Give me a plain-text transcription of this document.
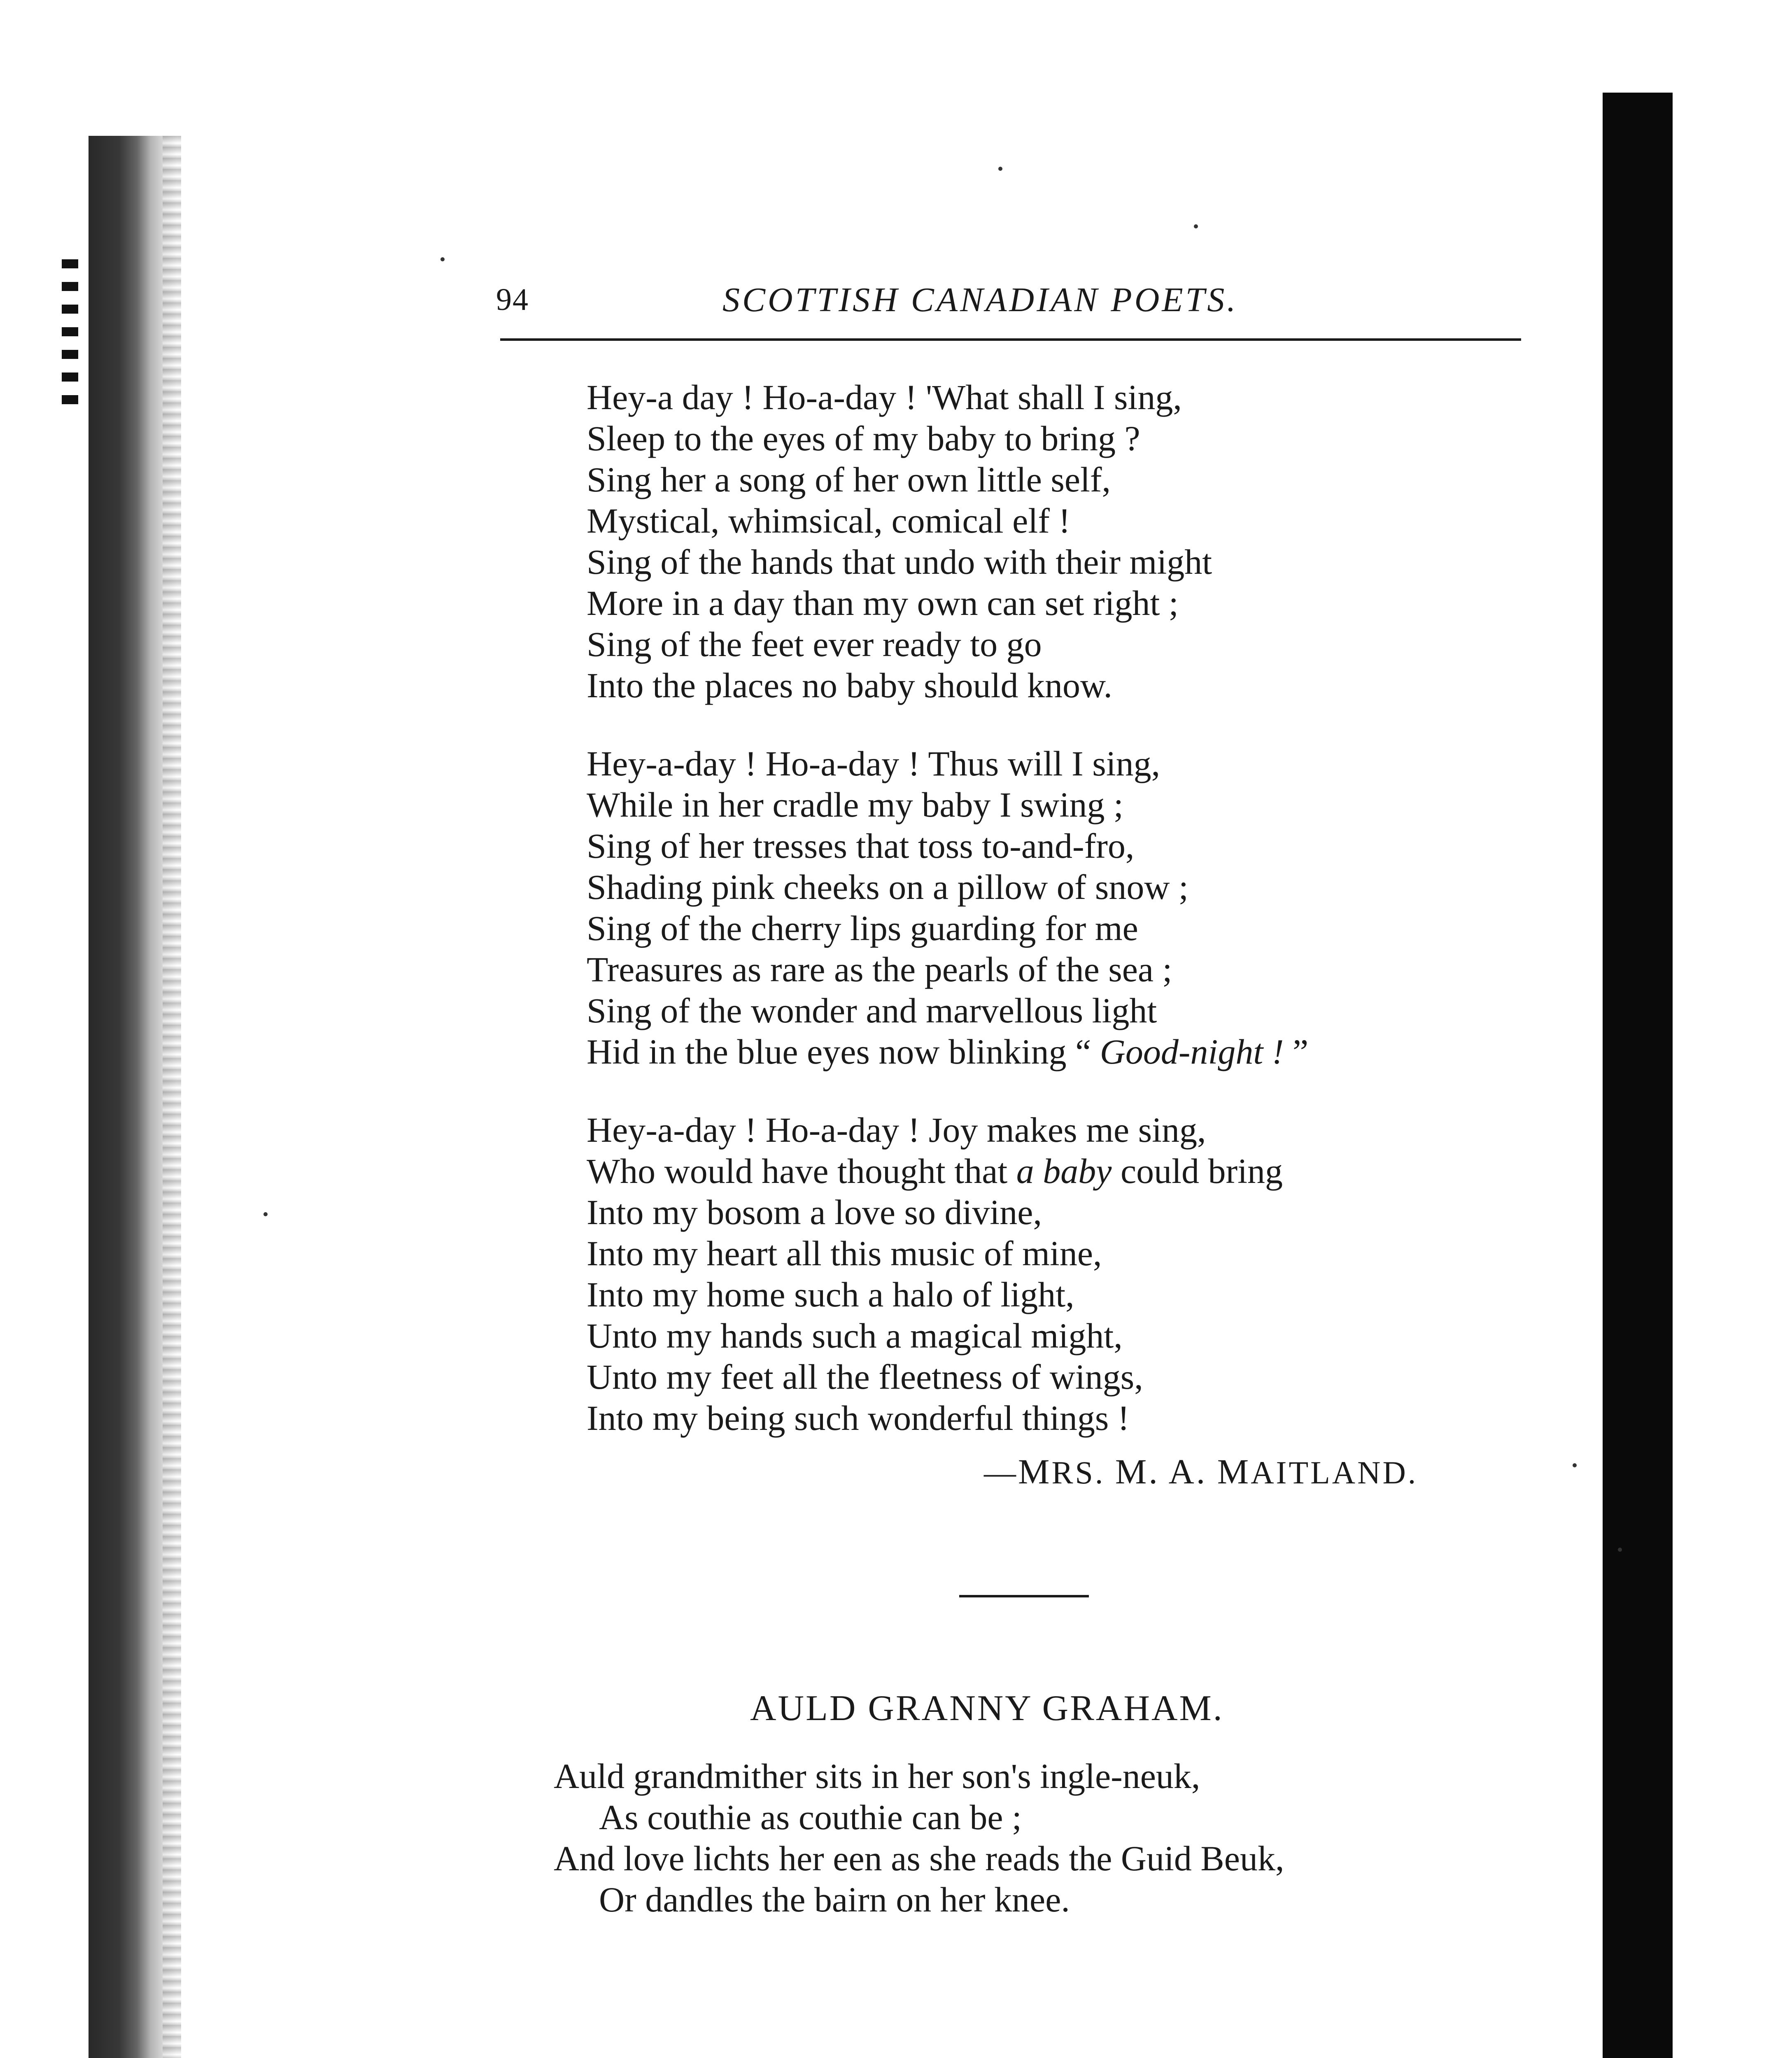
94	SCOTTISH CANADIAN POETS.

Hey-a day ! Ho-a-day ! 'What shall I sing,
Sleep to the eyes of my baby to bring ?
Sing her a song of her own little self,
Mystical, whimsical, comical elf !
Sing of the hands that undo with their might
More in a day than my own can set right ;
Sing of the feet ever ready to go
Into the places no baby should know.

Hey-a-day ! Ho-a-day ! Thus will I sing,
While in her cradle my baby I swing ;
Sing of her tresses that toss to-and-fro,
Shading pink cheeks on a pillow of snow ;
Sing of the cherry lips guarding for me
Treasures as rare as the pearls of the sea ;
Sing of the wonder and marvellous light
Hid in the blue eyes now blinking “ Good-night ! ”

Hey-a-day ! Ho-a-day ! Joy makes me sing,
Who would have thought that a baby could bring
Into my bosom a love so divine,
Into my heart all this music of mine,
Into my home such a halo of light,
Unto my hands such a magical might,
Unto my feet all the fleetness of wings,
Into my being such wonderful things !

—MRS. M. A. MAITLAND.
AULD GRANNY GRAHAM.

Auld grandmither sits in her son's ingle-neuk,
As couthie as couthie can be ;
And love lichts her een as she reads the Guid Beuk,
Or dandles the bairn on her knee.
